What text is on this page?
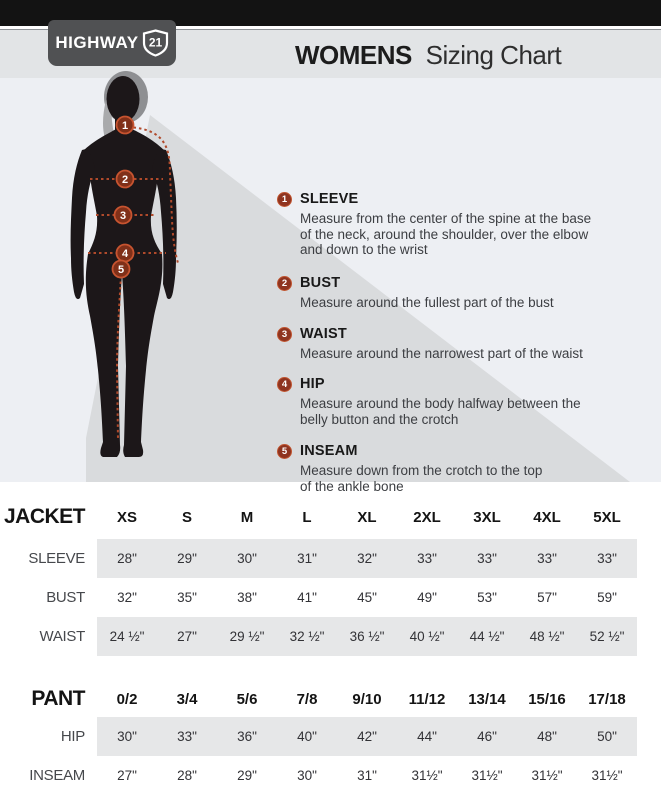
HIGHWAY 21	WOMENS Sizing Chart
1
2
3
4
5
1 SLEEVE
Measure from the center of the spine at the base
of the neck, around the shoulder, over the elbow
and down to the wrist
2 BUST
Measure around the fullest part of the bust
3 WAIST
Measure around the narrowest part of the waist
4 HIP
Measure around the body halfway between the
belly button and the crotch
5 INSEAM
Measure down from the crotch to the top
of the ankle bone
JACKET	XS	S	M	L	XL	2XL	3XL	4XL	5XL
SLEEVE	28"	29"	30"	31"	32"	33"	33"	33"	33"
BUST	32"	35"	38"	41"	45"	49"	53"	57"	59"
WAIST	24 ½"	27"	29 ½"	32 ½"	36 ½"	40 ½"	44 ½"	48 ½"	52 ½"
PANT	0/2	3/4	5/6	7/8	9/10	11/12	13/14	15/16	17/18
HIP	30"	33"	36"	40"	42"	44"	46"	48"	50"
INSEAM	27"	28"	29"	30"	31"	31½"	31½"	31½"	31½"
